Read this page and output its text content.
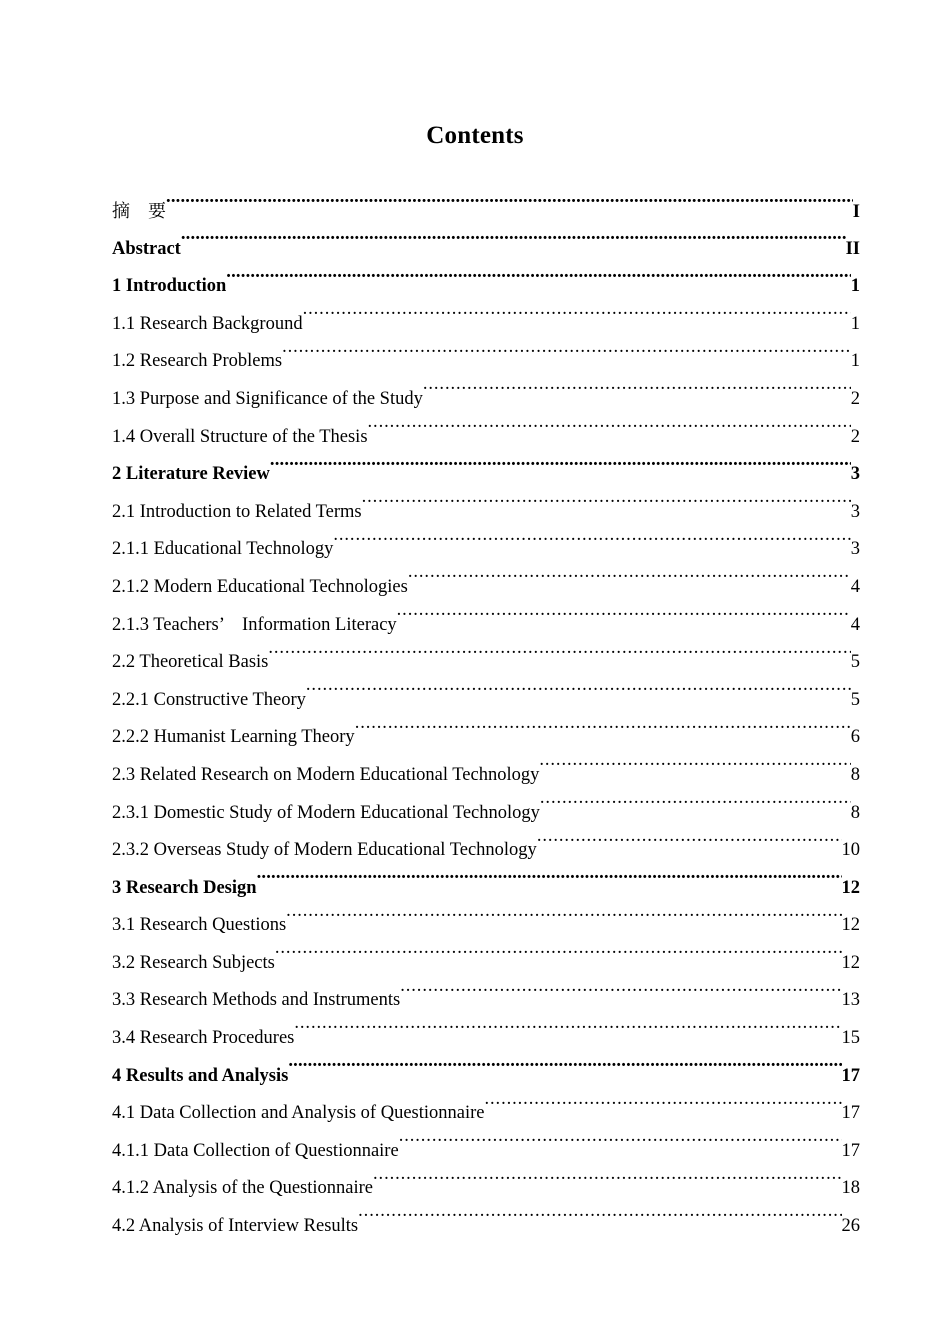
Contents
摘　要 .....	I
Abstract .....	II
1 Introduction .....	1
1.1 Research Background .....	1
1.2 Research Problems .....	1
1.3 Purpose and Significance of the Study .....	2
1.4 Overall Structure of the Thesis .....	2
2 Literature Review .....	3
2.1 Introduction to Related Terms .....	3
2.1.1 Educational Technology .....	3
2.1.2 Modern Educational Technologies .....	4
2.1.3 Teachers’　Information Literacy .....	4
2.2 Theoretical Basis .....	5
2.2.1 Constructive Theory .....	5
2.2.2 Humanist Learning Theory .....	6
2.3 Related Research on Modern Educational Technology .....	8
2.3.1 Domestic Study of Modern Educational Technology .....	8
2.3.2 Overseas Study of Modern Educational Technology .....	10
3 Research Design .....	12
3.1 Research Questions .....	12
3.2 Research Subjects .....	12
3.3 Research Methods and Instruments .....	13
3.4 Research Procedures .....	15
4 Results and Analysis .....	17
4.1 Data Collection and Analysis of Questionnaire .....	17
4.1.1 Data Collection of Questionnaire .....	17
4.1.2 Analysis of the Questionnaire .....	18
4.2 Analysis of Interview Results .....	26
